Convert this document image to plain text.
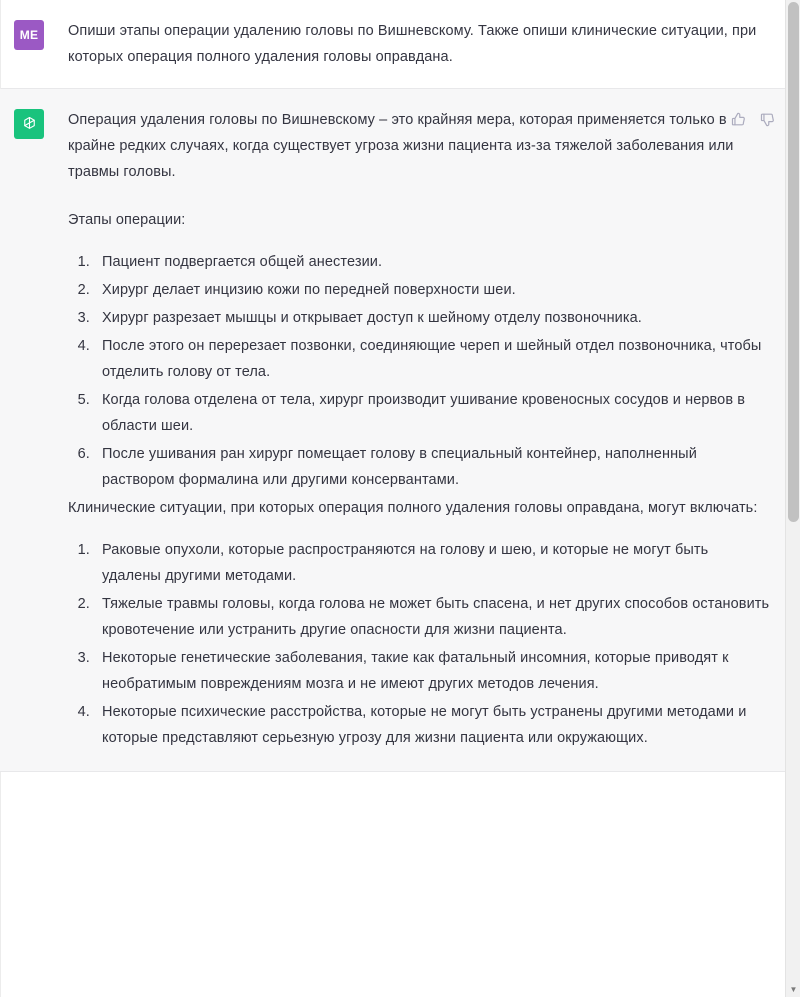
ME Опиши этапы операции удалению головы по Вишневскому. Также опиши клинические ситуации, при которых операция полного удаления головы оправдана.

Операция удаления головы по Вишневскому – это крайняя мера, которая применяется только в крайне редких случаях, когда существует угроза жизни пациента из-за тяжелой заболевания или травмы головы.

Этапы операции:

1. Пациент подвергается общей анестезии.
2. Хирург делает инцизию кожи по передней поверхности шеи.
3. Хирург разрезает мышцы и открывает доступ к шейному отделу позвоночника.
4. После этого он перерезает позвонки, соединяющие череп и шейный отдел позвоночника, чтобы отделить голову от тела.
5. Когда голова отделена от тела, хирург производит ушивание кровеносных сосудов и нервов в области шеи.
6. После ушивания ран хирург помещает голову в специальный контейнер, наполненный раствором формалина или другими консервантами.

Клинические ситуации, при которых операция полного удаления головы оправдана, могут включать:

1. Раковые опухоли, которые распространяются на голову и шею, и которые не могут быть удалены другими методами.
2. Тяжелые травмы головы, когда голова не может быть спасена, и нет других способов остановить кровотечение или устранить другие опасности для жизни пациента.
3. Некоторые генетические заболевания, такие как фатальный инсомния, которые приводят к необратимым повреждениям мозга и не имеют других методов лечения.
4. Некоторые психические расстройства, которые не могут быть устранены другими методами и которые представляют серьезную угрозу для жизни пациента или окружающих.
▼
